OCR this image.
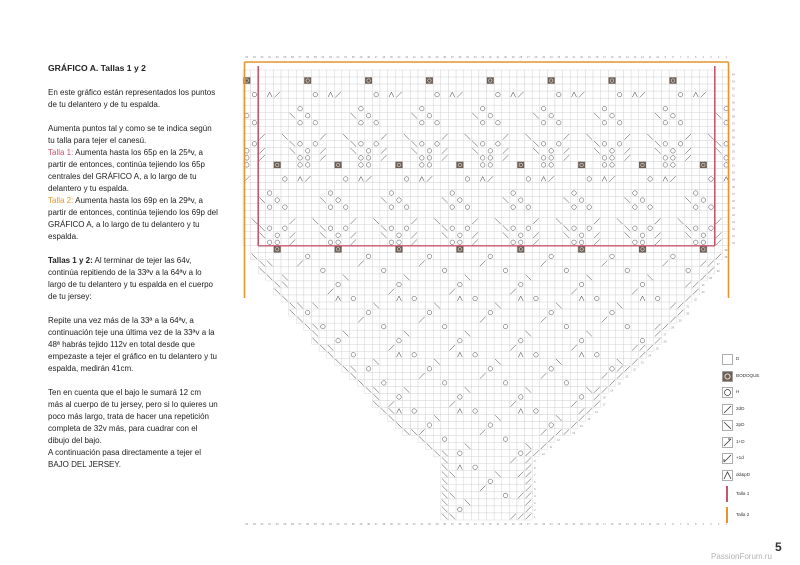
GRÁFICO A. Tallas 1 y 2

En este gráfico están representados los puntos de tu delantero y de tu espalda.

Aumenta puntos tal y como se te indica según tu talla para tejer el canesú.
Talla 1: Aumenta hasta los 65p en la 25ªv, a partir de entonces, continúa tejiendo los 65p centrales del GRÁFICO A, a lo largo de tu delantero y tu espalda.
Talla 2: Aumenta hasta los 69p en la 29ªv, a partir de entonces, continúa tejiendo los 69p del GRÁFICO A, a lo largo de tu delantero y tu espalda.

Tallas 1 y 2: Al terminar de tejer las 64v, continúa repitiendo de la 33ªv a la 64ªv a lo largo de tu delantero y tu espalda en el cuerpo de tu jersey:

Repite una vez más de la 33ª a la 64ªv, a continuación teje una última vez de la 33ªv a la 48ª habrás tejido 112v en total desde que empezaste a tejer el gráfico en tu delantero y tu espalda, medirán 41cm.

Ten en cuenta que el bajo le sumará 12 cm más al cuerpo de tu jersey, pero si lo quieres un poco más largo, trata de hacer una repetición completa de 32v más, para cuadrar con el dibujo del bajo.

A continuación pasa directamente a tejer el BAJO DEL JERSEY.

64
64
63
63
62
62
61
61
60
60
59
59
58
58
57
57
56
56
55
55
54
54
53
53
52
52
51
51
50
50
49
49
48
48
47
47
46
46
45
45
44
44
43
43
42
42
41
41
40
40
39
39
38
38
37
37
36
36
35
35
34
34
33
33
32
32
31
31
30
30
29
29
28
28
27
27
26
26
25
25
24
24
23
23
22
22
21
21
20
20
19
19
18
18
17
17
16
16
15
15
14
14
13
13
12
12
11
11
10
10
9
9
8
8
7
7
6
6
5
5
4
4
3
3
2
2
1
1
64
63
62
61
60
59
58
57
56
55
54
53
52
51
50
49
48
47
46
45
44
43
42
41
40
39
38
37
36
35
34
33
32
31
30
29
28
27
26
25
24
23
22
21
20
19
18
17
16
15
14
13
12
11
10
9
8
7
6
5
4
3
2
1
D
BODOQUE
H
2dD
2pD
1+D
+1d
dd&pD
Talla 1
Talla 2
5
PassionForum.ru
